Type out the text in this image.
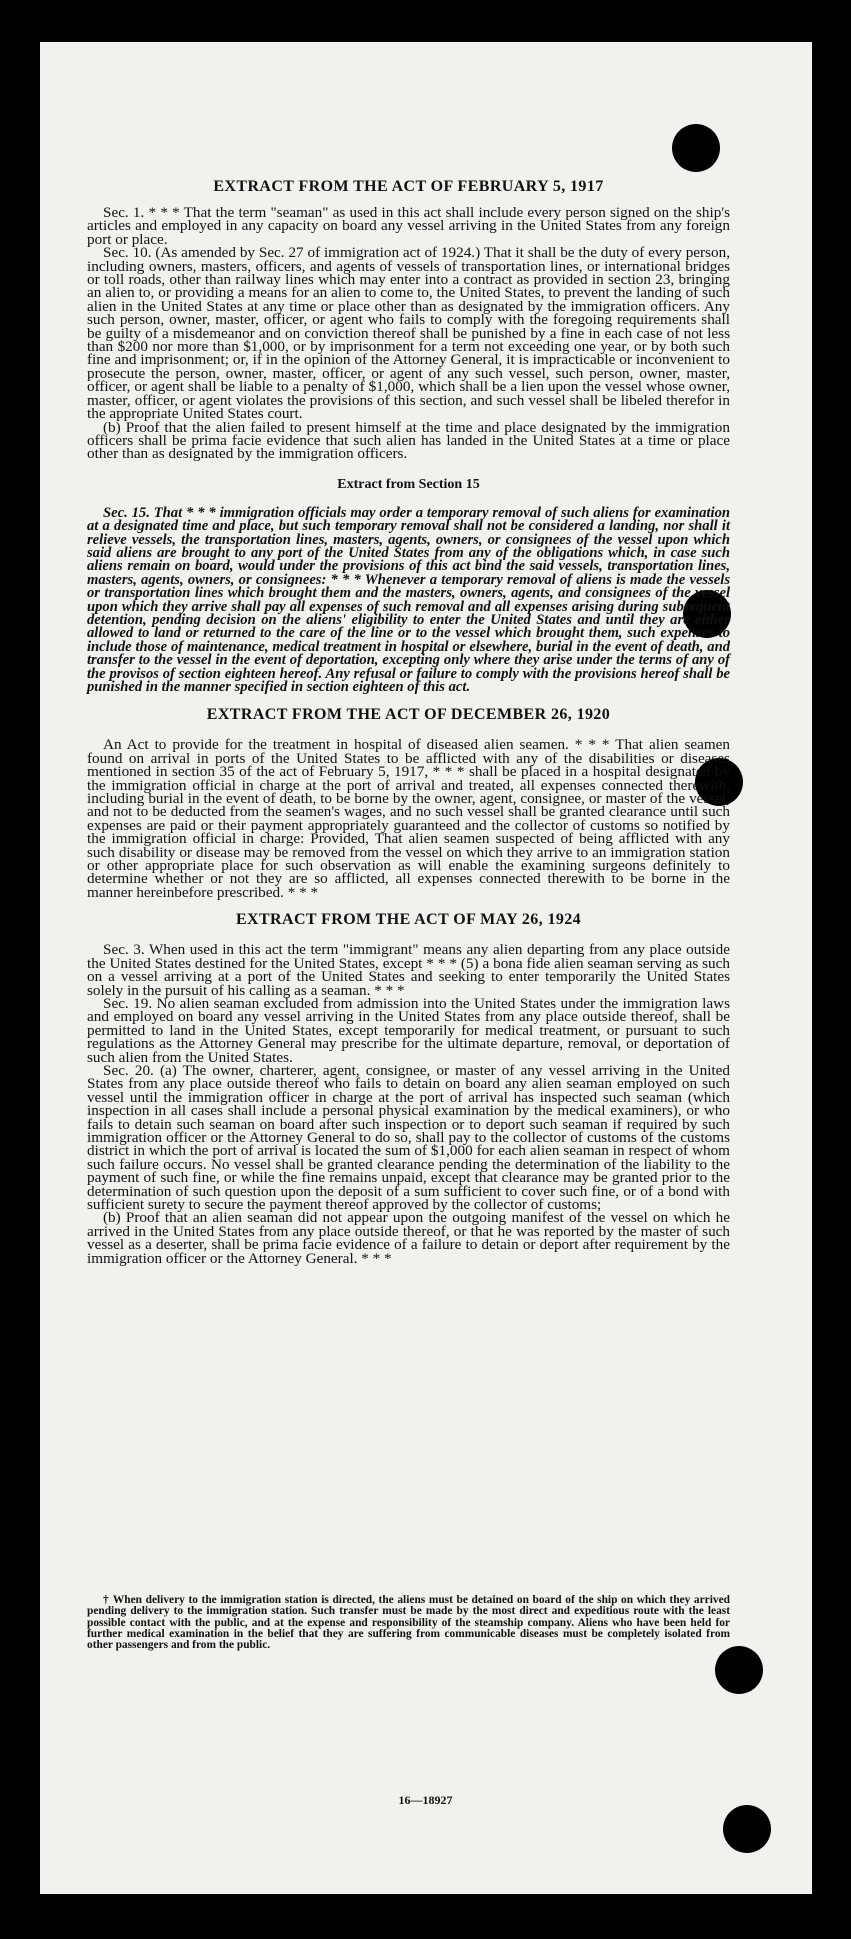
EXTRACT FROM THE ACT OF FEBRUARY 5, 1917

Sec. 1. * * * That the term "seaman" as used in this act shall include every person signed on the ship's articles and employed in any capacity on board any vessel arriving in the United States from any foreign port or place.

Sec. 10. (As amended by Sec. 27 of immigration act of 1924.) That it shall be the duty of every person, including owners, masters, officers, and agents of vessels of transportation lines, or international bridges or toll roads, other than railway lines which may enter into a contract as provided in section 23, bringing an alien to, or providing a means for an alien to come to, the United States, to prevent the landing of such alien in the United States at any time or place other than as designated by the immigration officers. Any such person, owner, master, officer, or agent who fails to comply with the foregoing requirements shall be guilty of a misdemeanor and on conviction thereof shall be punished by a fine in each case of not less than $200 nor more than $1,000, or by imprisonment for a term not exceeding one year, or by both such fine and imprisonment; or, if in the opinion of the Attorney General, it is impracticable or inconvenient to prosecute the person, owner, master, officer, or agent of any such vessel, such person, owner, master, officer, or agent shall be liable to a penalty of $1,000, which shall be a lien upon the vessel whose owner, master, officer, or agent violates the provisions of this section, and such vessel shall be libeled therefor in the appropriate United States court.

(b) Proof that the alien failed to present himself at the time and place designated by the immigration officers shall be prima facie evidence that such alien has landed in the United States at a time or place other than as designated by the immigration officers.

Extract from Section 15

Sec. 15. That * * * immigration officials may order a temporary removal of such aliens for examination at a designated time and place, but such temporary removal shall not be considered a landing, nor shall it relieve vessels, the transportation lines, masters, agents, owners, or consignees of the vessel upon which said aliens are brought to any port of the United States from any of the obligations which, in case such aliens remain on board, would under the provisions of this act bind the said vessels, transportation lines, masters, agents, owners, or consignees: * * * Whenever a temporary removal of aliens is made the vessels or transportation lines which brought them and the masters, owners, agents, and consignees of the vessel upon which they arrive shall pay all expenses of such removal and all expenses arising during subsequent detention, pending decision on the aliens' eligibility to enter the United States and until they are either allowed to land or returned to the care of the line or to the vessel which brought them, such expenses to include those of maintenance, medical treatment in hospital or elsewhere, burial in the event of death, and transfer to the vessel in the event of deportation, excepting only where they arise under the terms of any of the provisos of section eighteen hereof. Any refusal or failure to comply with the provisions hereof shall be punished in the manner specified in section eighteen of this act.

EXTRACT FROM THE ACT OF DECEMBER 26, 1920

An Act to provide for the treatment in hospital of diseased alien seamen. * * * That alien seamen found on arrival in ports of the United States to be afflicted with any of the disabilities or diseases mentioned in section 35 of the act of February 5, 1917, * * * shall be placed in a hospital designated by the immigration official in charge at the port of arrival and treated, all expenses connected therewith, including burial in the event of death, to be borne by the owner, agent, consignee, or master of the vessel, and not to be deducted from the seamen's wages, and no such vessel shall be granted clearance until such expenses are paid or their payment appropriately guaranteed and the collector of customs so notified by the immigration official in charge: Provided, That alien seamen suspected of being afflicted with any such disability or disease may be removed from the vessel on which they arrive to an immigration station or other appropriate place for such observation as will enable the examining surgeons definitely to determine whether or not they are so afflicted, all expenses connected therewith to be borne in the manner hereinbefore prescribed. * * *

EXTRACT FROM THE ACT OF MAY 26, 1924

Sec. 3. When used in this act the term "immigrant" means any alien departing from any place outside the United States destined for the United States, except * * * (5) a bona fide alien seaman serving as such on a vessel arriving at a port of the United States and seeking to enter temporarily the United States solely in the pursuit of his calling as a seaman. * * *

Sec. 19. No alien seaman excluded from admission into the United States under the immigration laws and employed on board any vessel arriving in the United States from any place outside thereof, shall be permitted to land in the United States, except temporarily for medical treatment, or pursuant to such regulations as the Attorney General may prescribe for the ultimate departure, removal, or deportation of such alien from the United States.

Sec. 20. (a) The owner, charterer, agent, consignee, or master of any vessel arriving in the United States from any place outside thereof who fails to detain on board any alien seaman employed on such vessel until the immigration officer in charge at the port of arrival has inspected such seaman (which inspection in all cases shall include a personal physical examination by the medical examiners), or who fails to detain such seaman on board after such inspection or to deport such seaman if required by such immigration officer or the Attorney General to do so, shall pay to the collector of customs of the customs district in which the port of arrival is located the sum of $1,000 for each alien seaman in respect of whom such failure occurs. No vessel shall be granted clearance pending the determination of the liability to the payment of such fine, or while the fine remains unpaid, except that clearance may be granted prior to the determination of such question upon the deposit of a sum sufficient to cover such fine, or of a bond with sufficient surety to secure the payment thereof approved by the collector of customs;

(b) Proof that an alien seaman did not appear upon the outgoing manifest of the vessel on which he arrived in the United States from any place outside thereof, or that he was reported by the master of such vessel as a deserter, shall be prima facie evidence of a failure to detain or deport after requirement by the immigration officer or the Attorney General. * * *

† When delivery to the immigration station is directed, the aliens must be detained on board of the ship on which they arrived pending delivery to the immigration station. Such transfer must be made by the most direct and expeditious route with the least possible contact with the public, and at the expense and responsibility of the steamship company. Aliens who have been held for further medical examination in the belief that they are suffering from communicable diseases must be completely isolated from other passengers and from the public.

16—18927
